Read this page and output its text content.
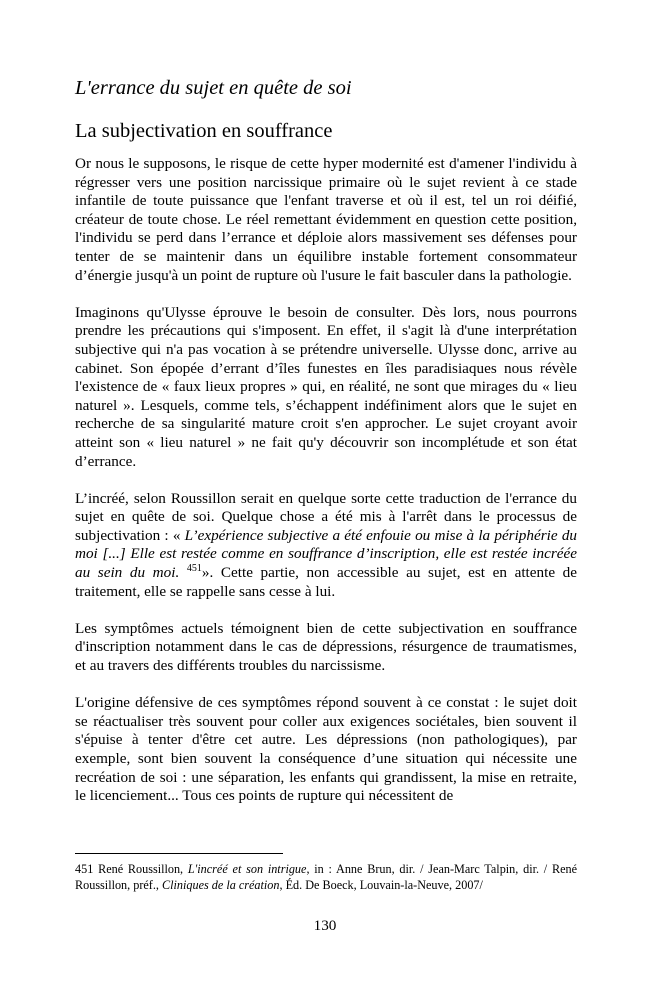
L'errance du sujet en quête de soi
La subjectivation en souffrance

Or nous le supposons, le risque de cette hyper modernité est d'amener l'individu à régresser vers une position narcissique primaire où le sujet revient à ce stade infantile de toute puissance que l'enfant traverse et où il est, tel un roi déifié, créateur de toute chose. Le réel remettant évidemment en question cette position, l'individu se perd dans l’errance et déploie alors massivement ses défenses pour tenter de se maintenir dans un équilibre instable fortement consommateur d’énergie jusqu'à un point de rupture où l'usure le fait basculer dans la pathologie.

Imaginons qu'Ulysse éprouve le besoin de consulter. Dès lors, nous pourrons prendre les précautions qui s'imposent. En effet, il s'agit là d'une interprétation subjective qui n'a pas vocation à se prétendre universelle. Ulysse donc, arrive au cabinet. Son épopée d’errant d’îles funestes en îles paradisiaques nous révèle l'existence de « faux lieux propres » qui, en réalité, ne sont que mirages du « lieu naturel ». Lesquels, comme tels, s’échappent indéfiniment alors que le sujet en recherche de sa singularité mature croit s'en approcher. Le sujet croyant avoir atteint son « lieu naturel » ne fait qu'y découvrir son incomplétude et son état d’errance.

L’incréé, selon Roussillon serait en quelque sorte cette traduction de l'errance du sujet en quête de soi. Quelque chose a été mis à l'arrêt dans le processus de subjectivation : « L’expérience subjective a été enfouie ou mise à la périphérie du moi [...] Elle est restée comme en souffrance d’inscription, elle est restée incréée au sein du moi. $^{451}$». Cette partie, non accessible au sujet, est en attente de traitement, elle se rappelle sans cesse à lui.

Les symptômes actuels témoignent bien de cette subjectivation en souffrance d'inscription notamment dans le cas de dépressions, résurgence de traumatismes, et au travers des différents troubles du narcissisme.

L'origine défensive de ces symptômes répond souvent à ce constat : le sujet doit se réactualiser très souvent pour coller aux exigences sociétales, bien souvent il s'épuise à tenter d'être cet autre. Les dépressions (non pathologiques), par exemple, sont bien souvent la conséquence d’une situation qui nécessite une recréation de soi : une séparation, les enfants qui grandissent, la mise en retraite, le licenciement... Tous ces points de rupture qui nécessitent de

451 René Roussillon, L'incréé et son intrigue, in : Anne Brun, dir. / Jean-Marc Talpin, dir. / René Roussillon, préf., Cliniques de la création, Éd. De Boeck, Louvain-la-Neuve, 2007/
130
